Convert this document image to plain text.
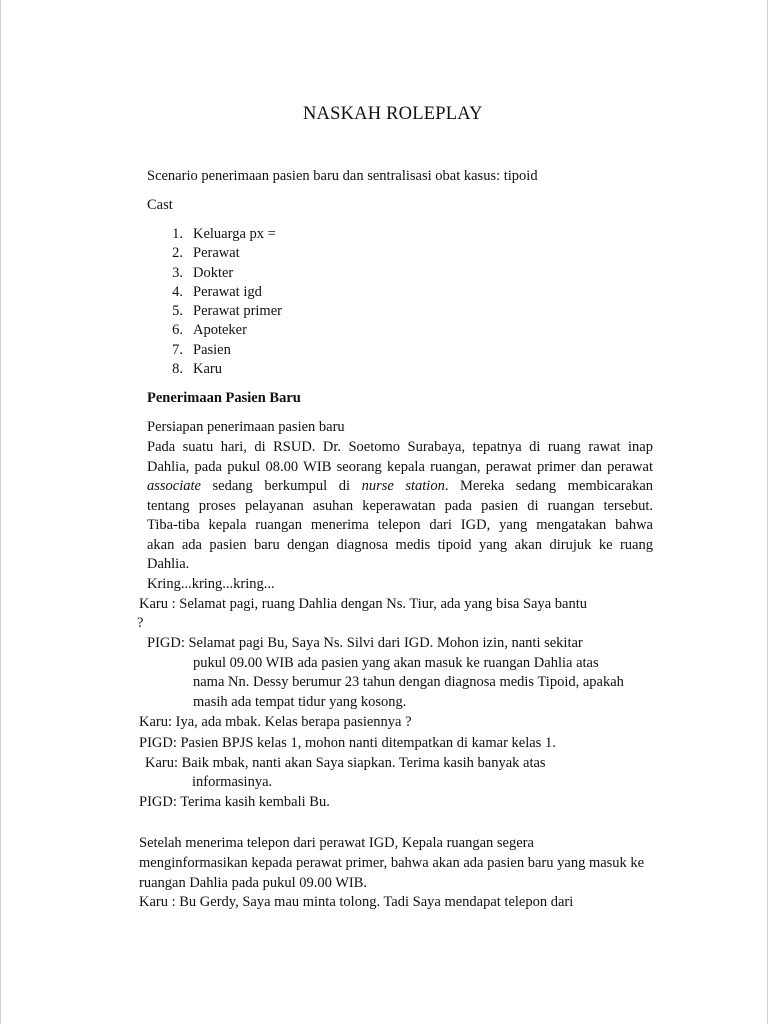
NASKAH ROLEPLAY
Scenario penerimaan pasien baru dan sentralisasi obat kasus: tipoid
Cast
1. Keluarga px =
2. Perawat
3. Dokter
4. Perawat igd
5. Perawat primer
6. Apoteker
7. Pasien
8. Karu
Penerimaan Pasien Baru
Persiapan penerimaan pasien baru
Pada suatu hari, di RSUD. Dr. Soetomo Surabaya, tepatnya di ruang rawat inap
Dahlia, pada pukul 08.00 WIB seorang kepala ruangan, perawat primer dan perawat
associate sedang berkumpul di nurse station. Mereka sedang membicarakan
tentang proses pelayanan asuhan keperawatan pada pasien di ruangan tersebut.
Tiba-tiba kepala ruangan menerima telepon dari IGD, yang mengatakan bahwa
akan ada pasien baru dengan diagnosa medis tipoid yang akan dirujuk ke ruang
Dahlia.
Kring...kring...kring...
Karu : Selamat pagi, ruang Dahlia dengan Ns. Tiur, ada yang bisa Saya bantu
?
PIGD: Selamat pagi Bu, Saya Ns. Silvi dari IGD. Mohon izin, nanti sekitar
pukul 09.00 WIB ada pasien yang akan masuk ke ruangan Dahlia atas
nama Nn. Dessy berumur 23 tahun dengan diagnosa medis Tipoid, apakah
masih ada tempat tidur yang kosong.
Karu: Iya, ada mbak. Kelas berapa pasiennya ?
PIGD: Pasien BPJS kelas 1, mohon nanti ditempatkan di kamar kelas 1.
Karu: Baik mbak, nanti akan Saya siapkan. Terima kasih banyak atas
informasinya.
PIGD: Terima kasih kembali Bu.
Setelah menerima telepon dari perawat IGD, Kepala ruangan segera
menginformasikan kepada perawat primer, bahwa akan ada pasien baru yang masuk ke
ruangan Dahlia pada pukul 09.00 WIB.
Karu : Bu Gerdy, Saya mau minta tolong. Tadi Saya mendapat telepon dari
